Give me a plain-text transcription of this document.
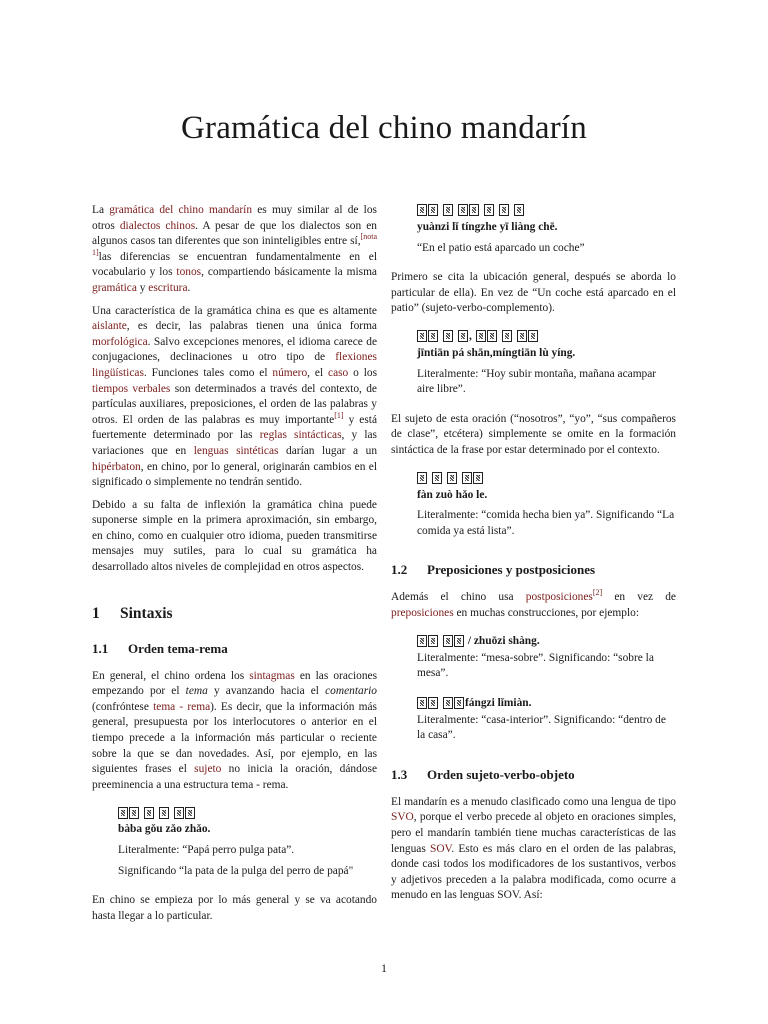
Gramática del chino mandarín

La gramática del chino mandarín es muy similar al de los otros dialectos chinos. A pesar de que los dialectos son en algunos casos tan diferentes que son ininteligibles entre sí,[nota 1]las diferencias se encuentran fundamentalmente en el vocabulario y los tonos, compartiendo básicamente la misma gramática y escritura.

Una característica de la gramática china es que es altamente aislante, es decir, las palabras tienen una única forma morfológica. Salvo excepciones menores, el idioma carece de conjugaciones, declinaciones u otro tipo de flexiones lingüísticas. Funciones tales como el número, el caso o los tiempos verbales son determinados a través del contexto, de partículas auxiliares, preposiciones, el orden de las palabras y otros. El orden de las palabras es muy importante[1] y está fuertemente determinado por las reglas sintácticas, y las variaciones que en lenguas sintéticas darían lugar a un hipérbaton, en chino, por lo general, originarán cambios en el significado o simplemente no tendrán sentido.

Debido a su falta de inflexión la gramática china puede suponerse simple en la primera aproximación, sin embargo, en chino, como en cualquier otro idioma, pueden transmitirse mensajes muy sutiles, para lo cual su gramática ha desarrollado altos niveles de complejidad en otros aspectos.

1 Sintaxis
1.1 Orden tema-rema

En general, el chino ordena los sintagmas en las oraciones empezando por el tema y avanzando hacia el comentario (confróntese tema - rema). Es decir, que la información más general, presupuesta por los interlocutores o anterior en el tiempo precede a la información más particular o reciente sobre la que se dan novedades. Así, por ejemplo, en las siguientes frases el sujeto no inicia la oración, dándose preeminencia a una estructura tema - rema.

bàba gǒu zǎo zhǎo.
Literalmente: “Papá perro pulga pata”.
Significando “la pata de la pulga del perro de papá"

En chino se empieza por lo más general y se va acotando hasta llegar a lo particular.

yuànzi lǐ tíngzhe yī liàng chē.
“En el patio está aparcado un coche”

Primero se cita la ubicación general, después se aborda lo particular de ella). En vez de “Un coche está aparcado en el patio” (sujeto-verbo-complemento).

,
jīntiān pá shān,míngtiān lù yíng.
Literalmente: “Hoy subir montaña, mañana acampar aire libre”.

El sujeto de esta oración (“nosotros”, “yo”, “sus compañeros de clase”, etcétera) simplemente se omite en la formación sintáctica de la frase por estar determinado por el contexto.

fàn zuò hǎo le.
Literalmente: “comida hecha bien ya”. Significando “La comida ya está lista”.
1.2 Preposiciones y postposiciones

Además el chino usa postposiciones[2] en vez de preposiciones en muchas construcciones, por ejemplo:

/ zhuōzi shàng.
Literalmente: “mesa-sobre”. Significando: “sobre la mesa”.
fángzi lǐmiàn.
Literalmente: “casa-interior”. Significando: “dentro de la casa”.
1.3 Orden sujeto-verbo-objeto

El mandarín es a menudo clasificado como una lengua de tipo SVO, porque el verbo precede al objeto en oraciones simples, pero el mandarín también tiene muchas características de las lenguas SOV. Esto es más claro en el orden de las palabras, donde casi todos los modificadores de los sustantivos, verbos y adjetivos preceden a la palabra modificada, como ocurre a menudo en las lenguas SOV. Así:

1
